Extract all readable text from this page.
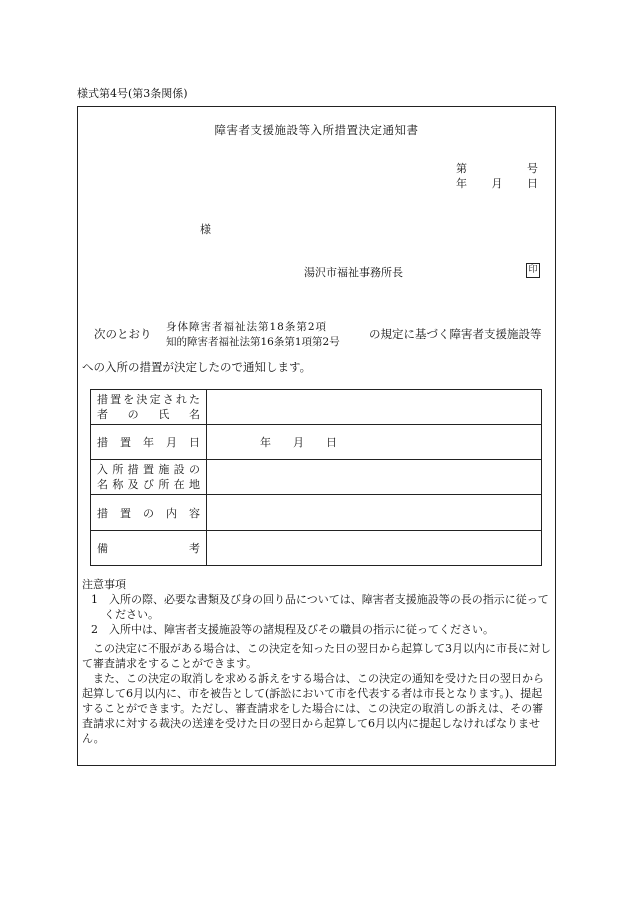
様式第4号(第3条関係)
障害者支援施設等入所措置決定通知書
第	号
年 月 日
様
湯沢市福祉事務所長	印
次のとおり 身体障害者福祉法第18条第2項
知的障害者福祉法第16条第1項第2号
の規定に基づく障害者支援施設等
への入所の措置が決定したので通知します。
措置を決定された
者 の 氏 名	

措置年月日	年　　月　　日

入所措置施設の
名称及び所在地	

措置の内容	

備考	

注意事項

1　入所の際、必要な書類及び身の回り品については、障害者支援施設等の長の指示に従ってください。

2　入所中は、障害者支援施設等の諸規程及びその職員の指示に従ってください。

この決定に不服がある場合は、この決定を知った日の翌日から起算して3月以内に市長に対して審査請求をすることができます。

また、この決定の取消しを求める訴えをする場合は、この決定の通知を受けた日の翌日から起算して6月以内に、市を被告として(訴訟において市を代表する者は市長となります。)、提起することができます。ただし、審査請求をした場合には、この決定の取消しの訴えは、その審査請求に対する裁決の送達を受けた日の翌日から起算して6月以内に提起しなければなりません。
